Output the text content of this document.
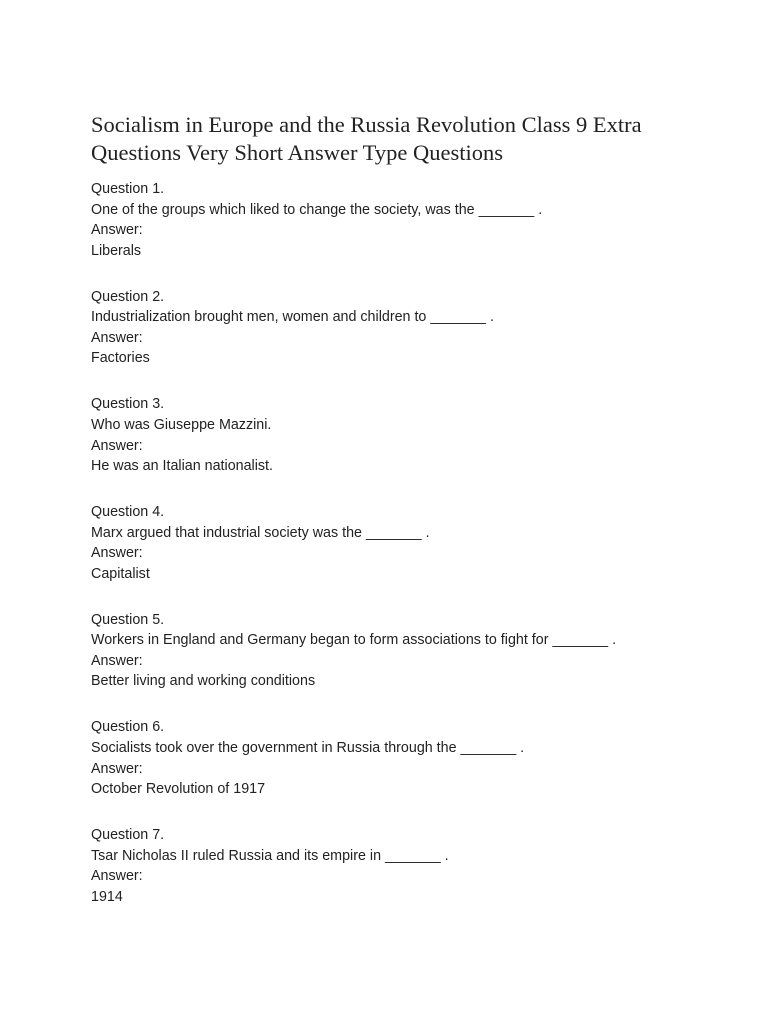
Socialism in Europe and the Russia Revolution Class 9 Extra Questions Very Short Answer Type Questions
Question 1.
One of the groups which liked to change the society, was the _______ .
Answer:
Liberals
Question 2.
Industrialization brought men, women and children to _______ .
Answer:
Factories
Question 3.
Who was Giuseppe Mazzini.
Answer:
He was an Italian nationalist.
Question 4.
Marx argued that industrial society was the _______ .
Answer:
Capitalist
Question 5.
Workers in England and Germany began to form associations to fight for _______ .
Answer:
Better living and working conditions
Question 6.
Socialists took over the government in Russia through the _______ .
Answer:
October Revolution of 1917
Question 7.
Tsar Nicholas II ruled Russia and its empire in _______ .
Answer:
1914
